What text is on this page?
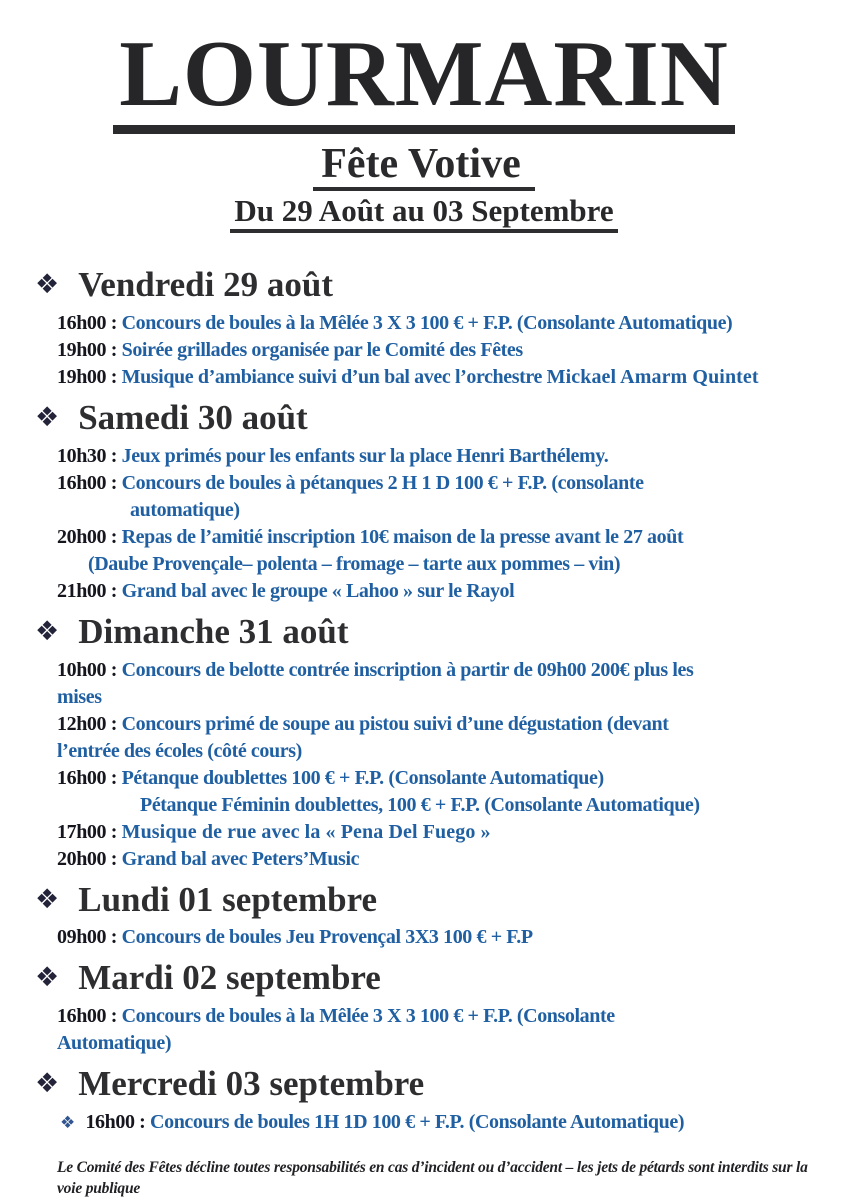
LOURMARIN
Fête Votive
Du 29 Août au 03 Septembre
❖ Vendredi 29 août
16h00 : Concours de boules à la Mêlée 3 X 3 100 € + F.P. (Consolante Automatique)
19h00 : Soirée grillades organisée par le Comité des Fêtes
19h00 : Musique d’ambiance suivi d’un bal avec l’orchestre Mickael Amarm Quintet
❖ Samedi 30 août
10h30 : Jeux primés pour les enfants sur la place Henri Barthélemy.
16h00 : Concours de boules à pétanques 2 H 1 D 100 € + F.P. (consolante
automatique)
20h00 : Repas de l’amitié inscription 10€ maison de la presse avant le 27 août
(Daube Provençale– polenta – fromage – tarte aux pommes – vin)
21h00 : Grand bal avec le groupe « Lahoo » sur le Rayol
❖ Dimanche 31 août
10h00 : Concours de belotte contrée inscription à partir de 09h00 200€ plus les
mises
12h00 : Concours primé de soupe au pistou suivi d’une dégustation (devant
l’entrée des écoles (côté cours)
16h00 : Pétanque doublettes 100 € + F.P. (Consolante Automatique)
Pétanque Féminin doublettes, 100 € + F.P. (Consolante Automatique)
17h00 : Musique de rue avec la « Pena Del Fuego »
20h00 : Grand bal avec Peters’Music
❖ Lundi 01 septembre
09h00 : Concours de boules Jeu Provençal 3X3 100 € + F.P
❖ Mardi 02 septembre
16h00 : Concours de boules à la Mêlée 3 X 3 100 € + F.P. (Consolante
Automatique)
❖ Mercredi 03 septembre
❖ 16h00 : Concours de boules 1H 1D 100 € + F.P. (Consolante Automatique)

Le Comité des Fêtes décline toutes responsabilités en cas d’incident ou d’accident – les jets de pétards sont interdits sur la voie publique
